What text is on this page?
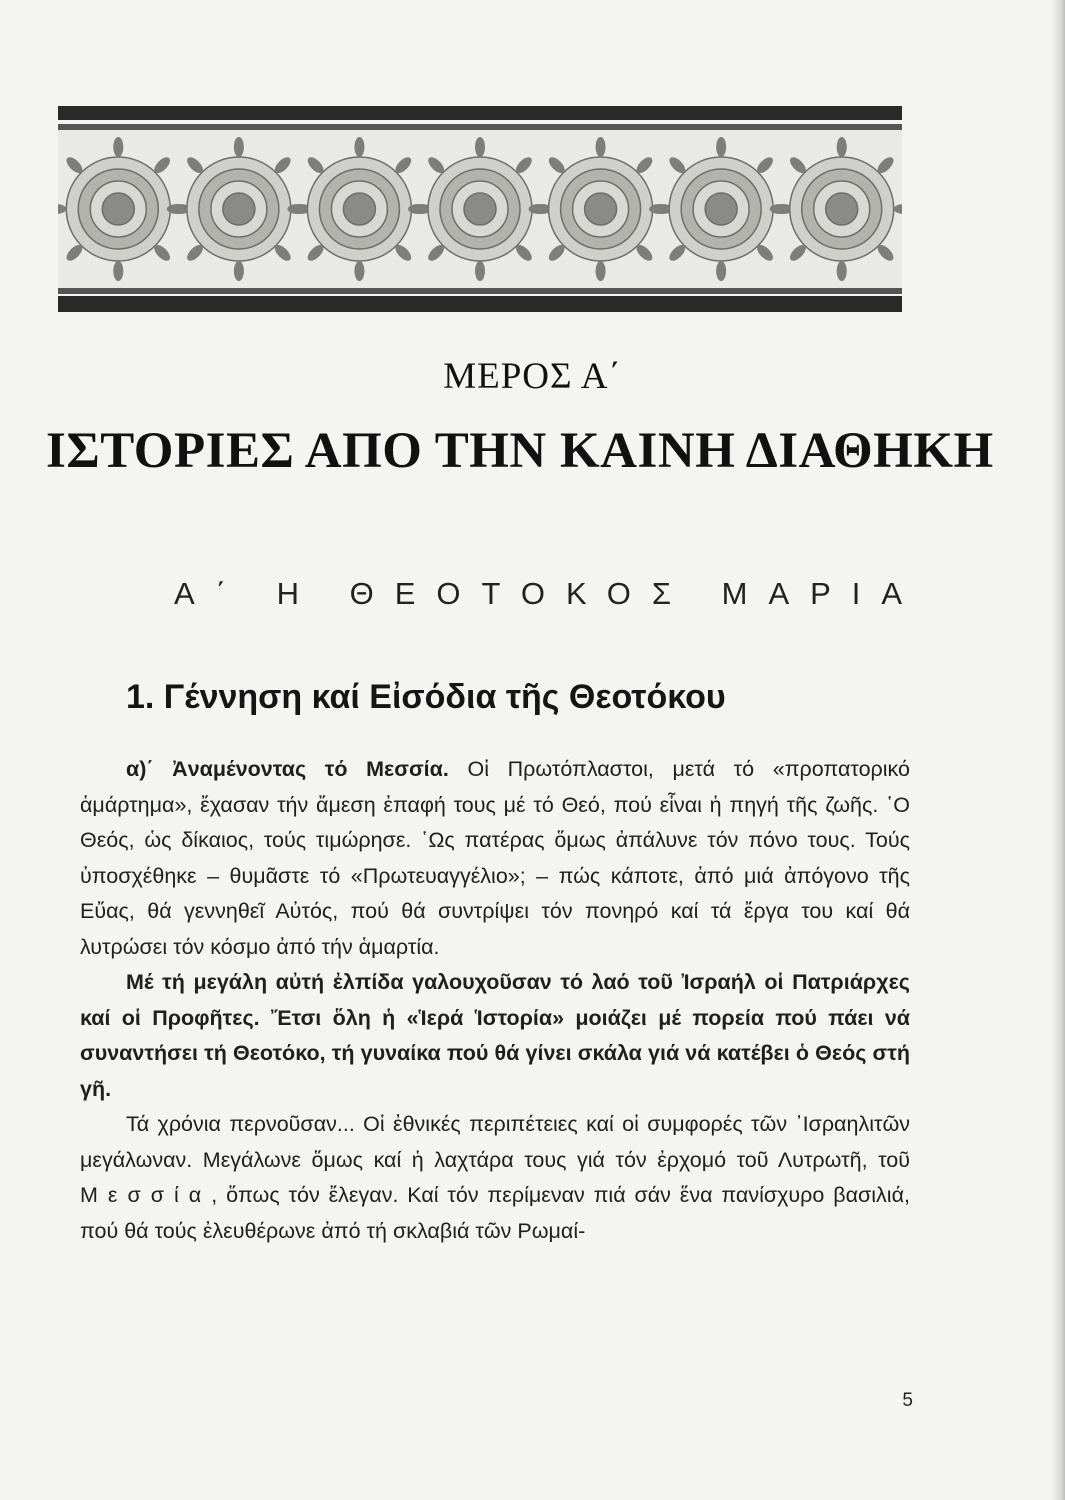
ΜΕΡΟΣ Α΄
ΙΣΤΟΡΙΕΣ ΑΠΟ ΤΗΝ ΚΑΙΝΗ ΔΙΑΘΗΚΗ
Α΄ Η ΘΕΟΤΟΚΟΣ ΜΑΡΙΑ
1. Γέννηση καί Εἰσόδια τῆς Θεοτόκου

α)΄ Ἀναμένοντας τό Μεσσία. Οἱ Πρωτόπλαστοι, μετά τό «προπατορικό ἁμάρτημα», ἔχασαν τήν ἄμεση ἐπαφή τους μέ τό Θεό, πού εἶναι ἡ πηγή τῆς ζωῆς. ῾Ο Θεός, ὡς δίκαιος, τούς τιμώρησε. ῾Ως πατέρας ὅμως ἀπάλυνε τόν πόνο τους. Τούς ὑποσχέθηκε – θυμᾶστε τό «Πρωτευαγγέλιο»; – πώς κάποτε, ἀπό μιά ἀπόγονο τῆς Εὔας, θά γεννηθεῖ Αὐτός, πού θά συντρίψει τόν πονηρό καί τά ἔργα του καί θά λυτρώσει τόν κόσμο ἀπό τήν ἁμαρτία.

Μέ τή μεγάλη αὐτή ἐλπίδα γαλουχοῦσαν τό λαό τοῦ Ἰσραήλ οἱ Πατριάρχες καί οἱ Προφῆτες. Ἔτσι ὅλη ἡ «Ἱερά Ἱστορία» μοιάζει μέ πορεία πού πάει νά συναντήσει τή Θεοτόκο, τή γυναίκα πού θά γίνει σκάλα γιά νά κατέβει ὁ Θεός στή γῆ.

Τά χρόνια περνοῦσαν... Οἱ ἐθνικές περιπέτειες καί οἱ συμφορές τῶν ᾿Ισραηλιτῶν μεγάλωναν. Μεγάλωνε ὅμως καί ἡ λαχτάρα τους γιά τόν ἐρχομό τοῦ Λυτρωτῆ, τοῦ Μεσσία, ὅπως τόν ἔλεγαν. Καί τόν περίμεναν πιά σάν ἕνα πανίσχυρο βασιλιά, πού θά τούς ἐλευθέρωνε ἀπό τή σκλαβιά τῶν Ρωμαί-

5
